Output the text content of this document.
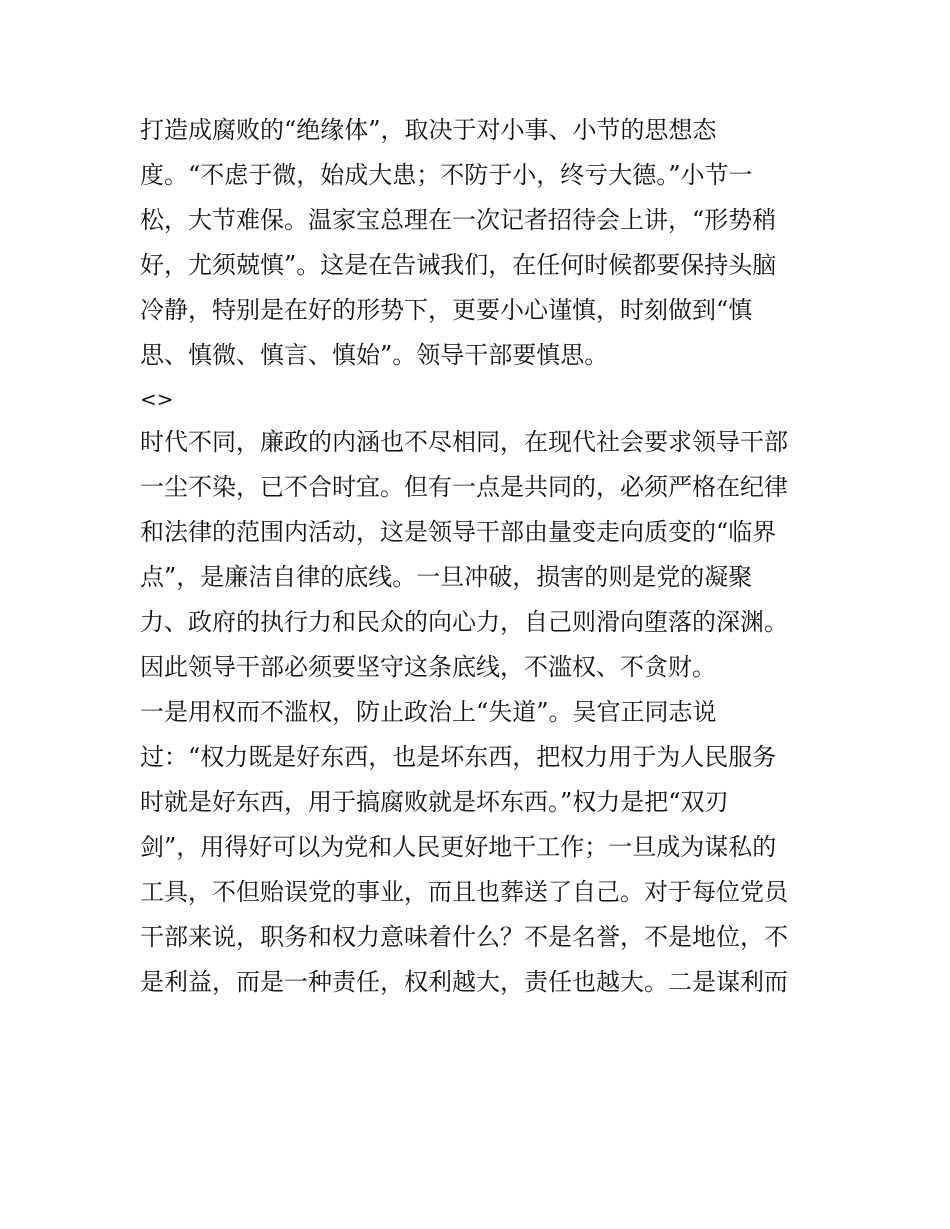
打造成腐败的“绝缘体”，取决于对小事、小节的思想态
度。“不虑于微，始成大患；不防于小，终亏大德。”小节一
松，大节难保。温家宝总理在一次记者招待会上讲，“形势稍
好，尤须兢慎”。这是在告诫我们，在任何时候都要保持头脑
冷静，特别是在好的形势下，更要小心谨慎，时刻做到“慎
思、慎微、慎言、慎始”。领导干部要慎思。
<>
时代不同，廉政的内涵也不尽相同，在现代社会要求领导干部
一尘不染，已不合时宜。但有一点是共同的，必须严格在纪律
和法律的范围内活动，这是领导干部由量变走向质变的“临界
点”，是廉洁自律的底线。一旦冲破，损害的则是党的凝聚
力、政府的执行力和民众的向心力，自己则滑向堕落的深渊。
因此领导干部必须要坚守这条底线，不滥权、不贪财。
一是用权而不滥权，防止政治上“失道”。吴官正同志说
过：“权力既是好东西，也是坏东西，把权力用于为人民服务
时就是好东西，用于搞腐败就是坏东西。”权力是把“双刃
剑”，用得好可以为党和人民更好地干工作；一旦成为谋私的
工具，不但贻误党的事业，而且也葬送了自己。对于每位党员
干部来说，职务和权力意味着什么？不是名誉，不是地位，不
是利益，而是一种责任，权利越大，责任也越大。二是谋利而
